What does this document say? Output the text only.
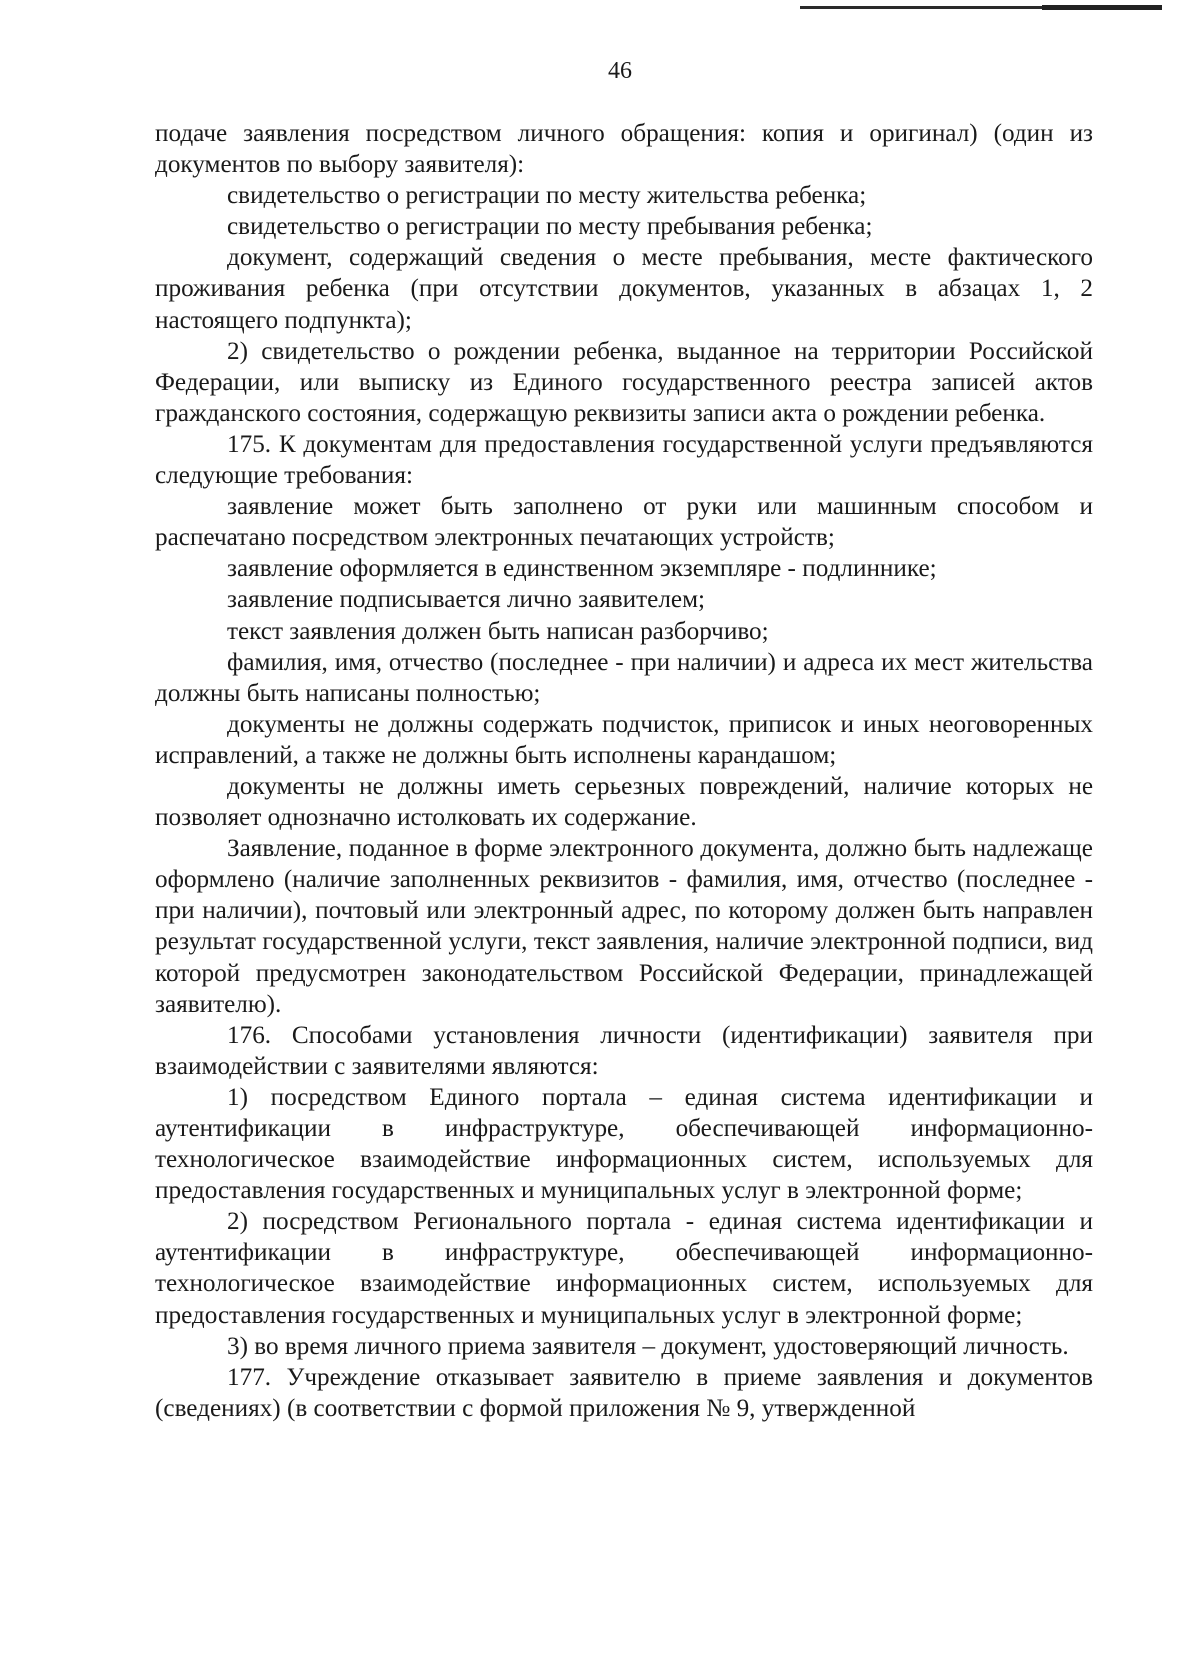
46

подаче заявления посредством личного обращения: копия и оригинал) (один из документов по выбору заявителя):

свидетельство о регистрации по месту жительства ребенка;

свидетельство о регистрации по месту пребывания ребенка;

документ, содержащий сведения о месте пребывания, месте фактического проживания ребенка (при отсутствии документов, указанных в абзацах 1, 2 настоящего подпункта);

2) свидетельство о рождении ребенка, выданное на территории Российской Федерации, или выписку из Единого государственного реестра записей актов гражданского состояния, содержащую реквизиты записи акта о рождении ребенка.

175. К документам для предоставления государственной услуги предъявляются следующие требования:

заявление может быть заполнено от руки или машинным способом и распечатано посредством электронных печатающих устройств;

заявление оформляется в единственном экземпляре - подлиннике;

заявление подписывается лично заявителем;

текст заявления должен быть написан разборчиво;

фамилия, имя, отчество (последнее - при наличии) и адреса их мест жительства должны быть написаны полностью;

документы не должны содержать подчисток, приписок и иных неоговоренных исправлений, а также не должны быть исполнены карандашом;

документы не должны иметь серьезных повреждений, наличие которых не позволяет однозначно истолковать их содержание.

Заявление, поданное в форме электронного документа, должно быть надлежаще оформлено (наличие заполненных реквизитов - фамилия, имя, отчество (последнее - при наличии), почтовый или электронный адрес, по которому должен быть направлен результат государственной услуги, текст заявления, наличие электронной подписи, вид которой предусмотрен законодательством Российской Федерации, принадлежащей заявителю).

176. Способами установления личности (идентификации) заявителя при взаимодействии с заявителями являются:

1) посредством Единого портала – единая система идентификации и аутентификации в инфраструктуре, обеспечивающей информационно-технологическое взаимодействие информационных систем, используемых для предоставления государственных и муниципальных услуг в электронной форме;

2) посредством Регионального портала - единая система идентификации и аутентификации в инфраструктуре, обеспечивающей информационно-технологическое взаимодействие информационных систем, используемых для предоставления государственных и муниципальных услуг в электронной форме;

3) во время личного приема заявителя – документ, удостоверяющий личность.

177. Учреждение отказывает заявителю в приеме заявления и документов (сведениях) (в соответствии с формой приложения № 9, утвержденной
